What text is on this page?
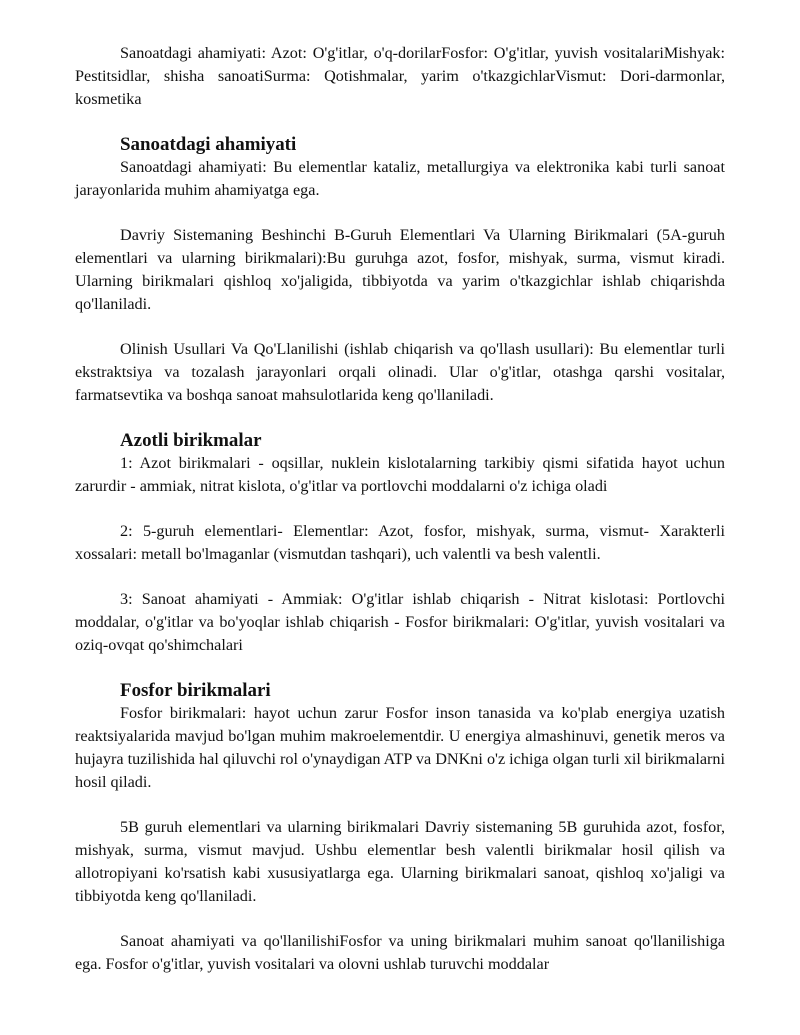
Sanoatdagi ahamiyati: Azot: O'g'itlar, o'q-dorilarFosfor: O'g'itlar, yuvish vositalariMishyak: Pestitsidlar, shisha sanoatiSurma: Qotishmalar, yarim o'tkazgichlarVismut: Dori-darmonlar, kosmetika

Sanoatdagi ahamiyati

Sanoatdagi ahamiyati: Bu elementlar kataliz, metallurgiya va elektronika kabi turli sanoat jarayonlarida muhim ahamiyatga ega.

Davriy Sistemaning Beshinchi B-Guruh Elementlari Va Ularning Birikmalari (5A-guruh elementlari va ularning birikmalari):Bu guruhga azot, fosfor, mishyak, surma, vismut kiradi. Ularning birikmalari qishloq xo'jaligida, tibbiyotda va yarim o'tkazgichlar ishlab chiqarishda qo'llaniladi.

Olinish Usullari Va Qo'Llanilishi (ishlab chiqarish va qo'llash usullari): Bu elementlar turli ekstraktsiya va tozalash jarayonlari orqali olinadi. Ular o'g'itlar, otashga qarshi vositalar, farmatsevtika va boshqa sanoat mahsulotlarida keng qo'llaniladi.

Azotli birikmalar

1: Azot birikmalari - oqsillar, nuklein kislotalarning tarkibiy qismi sifatida hayot uchun zarurdir - ammiak, nitrat kislota, o'g'itlar va portlovchi moddalarni o'z ichiga oladi

2: 5-guruh elementlari- Elementlar: Azot, fosfor, mishyak, surma, vismut- Xarakterli xossalari: metall bo'lmaganlar (vismutdan tashqari), uch valentli va besh valentli.

3: Sanoat ahamiyati - Ammiak: O'g'itlar ishlab chiqarish - Nitrat kislotasi: Portlovchi moddalar, o'g'itlar va bo'yoqlar ishlab chiqarish - Fosfor birikmalari: O'g'itlar, yuvish vositalari va oziq-ovqat qo'shimchalari

Fosfor birikmalari

Fosfor birikmalari: hayot uchun zarur Fosfor inson tanasida va ko'plab energiya uzatish reaktsiyalarida mavjud bo'lgan muhim makroelementdir. U energiya almashinuvi, genetik meros va hujayra tuzilishida hal qiluvchi rol o'ynaydigan ATP va DNKni o'z ichiga olgan turli xil birikmalarni hosil qiladi.

5B guruh elementlari va ularning birikmalari Davriy sistemaning 5B guruhida azot, fosfor, mishyak, surma, vismut mavjud. Ushbu elementlar besh valentli birikmalar hosil qilish va allotropiyani ko'rsatish kabi xususiyatlarga ega. Ularning birikmalari sanoat, qishloq xo'jaligi va tibbiyotda keng qo'llaniladi.

Sanoat ahamiyati va qo'llanilishiFosfor va uning birikmalari muhim sanoat qo'llanilishiga ega. Fosfor o'g'itlar, yuvish vositalari va olovni ushlab turuvchi moddalar
